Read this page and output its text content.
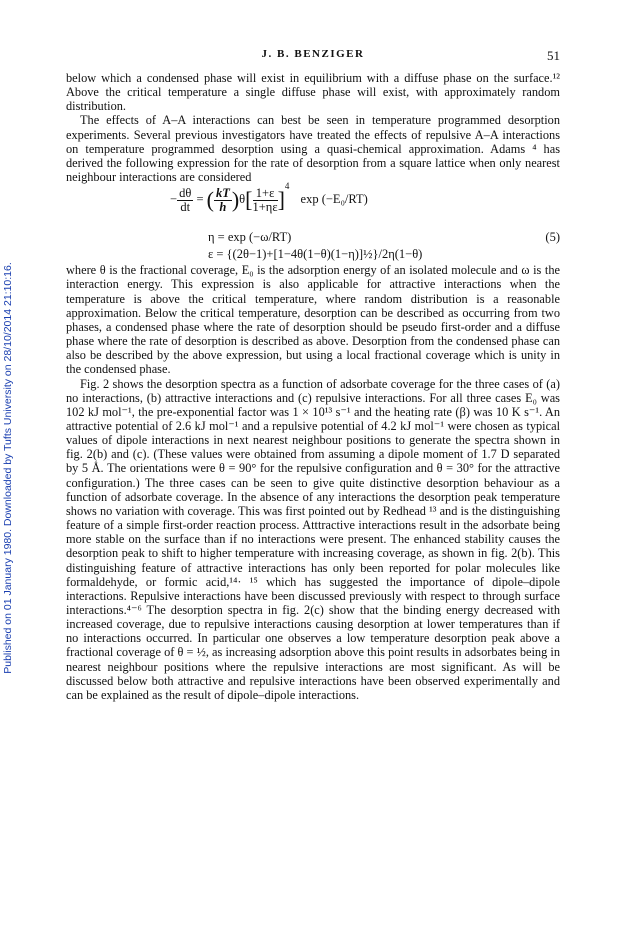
J. B. BENZIGER	51
Published on 01 January 1980. Downloaded by Tufts University on 28/10/2014 21:10:16.

below which a condensed phase will exist in equilibrium with a diffuse phase on the surface.¹² Above the critical temperature a single diffuse phase will exist, with approximately random distribution.

The effects of A–A interactions can best be seen in temperature programmed desorption experiments. Several previous investigators have treated the effects of repulsive A–A interactions on temperature programmed desorption using a quasi-chemical approximation. Adams ⁴ has derived the following expression for the rate of desorption from a square lattice when only nearest neighbour interactions are considered

− $\frac{d\theta}{dt}$ = ( $\frac{kT}{h} )\theta[ \frac{1+\varepsilon}{1+\eta\varepsilon} ]^4$ exp (−E₀/RT)
η = exp (−ω/RT)
ε = {(2θ−1)+[1−4θ(1−θ)(1−η)]½}/2η(1−θ)
(5)

where θ is the fractional coverage, E₀ is the adsorption energy of an isolated molecule and ω is the interaction energy. This expression is also applicable for attractive interactions when the temperature is above the critical temperature, where random distribution is a reasonable approximation. Below the critical temperature, desorption can be described as occurring from two phases, a condensed phase where the rate of desorption should be pseudo first-order and a diffuse phase where the rate of desorption is described as above. Desorption from the condensed phase can also be described by the above expression, but using a local fractional coverage which is unity in the condensed phase.

Fig. 2 shows the desorption spectra as a function of adsorbate coverage for the three cases of (a) no interactions, (b) attractive interactions and (c) repulsive interactions. For all three cases E₀ was 102 kJ mol⁻¹, the pre-exponential factor was 1 × 10¹³ s⁻¹ and the heating rate (β) was 10 K s⁻¹. An attractive potential of 2.6 kJ mol⁻¹ and a repulsive potential of 4.2 kJ mol⁻¹ were chosen as typical values of dipole interactions in next nearest neighbour positions to generate the spectra shown in fig. 2(b) and (c). (These values were obtained from assuming a dipole moment of 1.7 D separated by 5 Å. The orientations were θ = 90° for the repulsive configuration and θ = 30° for the attractive configuration.) The three cases can be seen to give quite distinctive desorption behaviour as a function of adsorbate coverage. In the absence of any interactions the desorption peak temperature shows no variation with coverage. This was first pointed out by Redhead ¹³ and is the distinguishing feature of a simple first-order reaction process. Atttractive interactions result in the adsorbate being more stable on the surface than if no interactions were present. The enhanced stability causes the desorption peak to shift to higher temperature with increasing coverage, as shown in fig. 2(b). This distinguishing feature of attractive interactions has only been reported for polar molecules like formaldehyde, or formic acid,¹⁴· ¹⁵ which has suggested the importance of dipole–dipole interactions. Repulsive interactions have been discussed previously with respect to through surface interactions.⁴⁻⁶ The desorption spectra in fig. 2(c) show that the binding energy decreased with increased coverage, due to repulsive interactions causing desorption at lower temperatures than if no interactions occurred. In particular one observes a low temperature desorption peak above a fractional coverage of θ = ½, as increasing adsorption above this point results in adsorbates being in nearest neighbour positions where the repulsive interactions are most significant. As will be discussed below both attractive and repulsive interactions have been observed experimentally and can be explained as the result of dipole–dipole interactions.
